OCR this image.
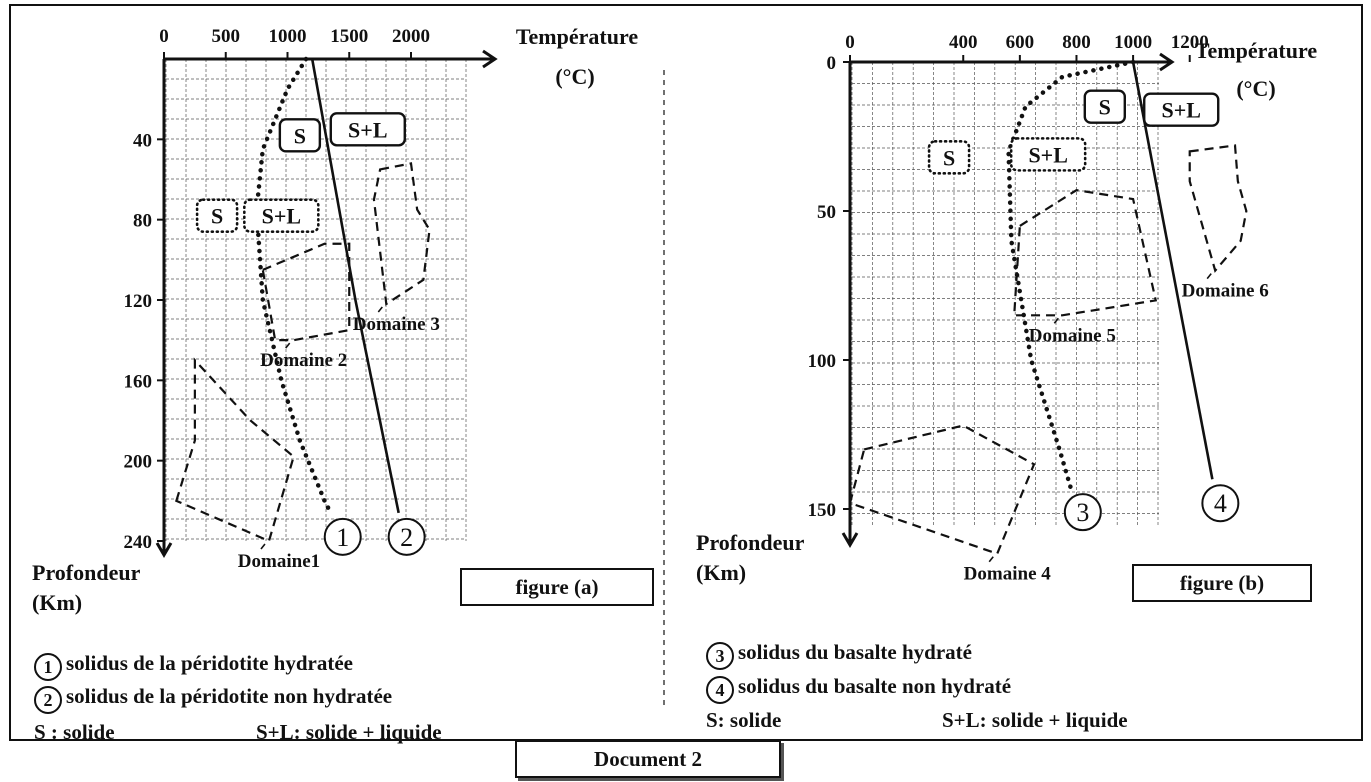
0 500 1000 1500 2000
40
80
120
160
200
240
Température
(°C)
Profondeur
(Km)
S S+L
S S+L
Domaine1
Domaine 2
Domaine 3
1 2
0	400 600 800 1000 1200
0
50
100
150
Température
(°C)
Profondeur
(Km)
S S+L
S	S+L
Domaine 4
Domaine 5
Domaine 6
3	4
figure (a)	figure (b)
1 solidus de la péridotite hydratée
2 solidus de la péridotite non hydratée
S : solide	S+L: solide + liquide
3 solidus du basalte hydraté
4 solidus du basalte non hydraté
S: solide	S+L: solide + liquide
Document 2
